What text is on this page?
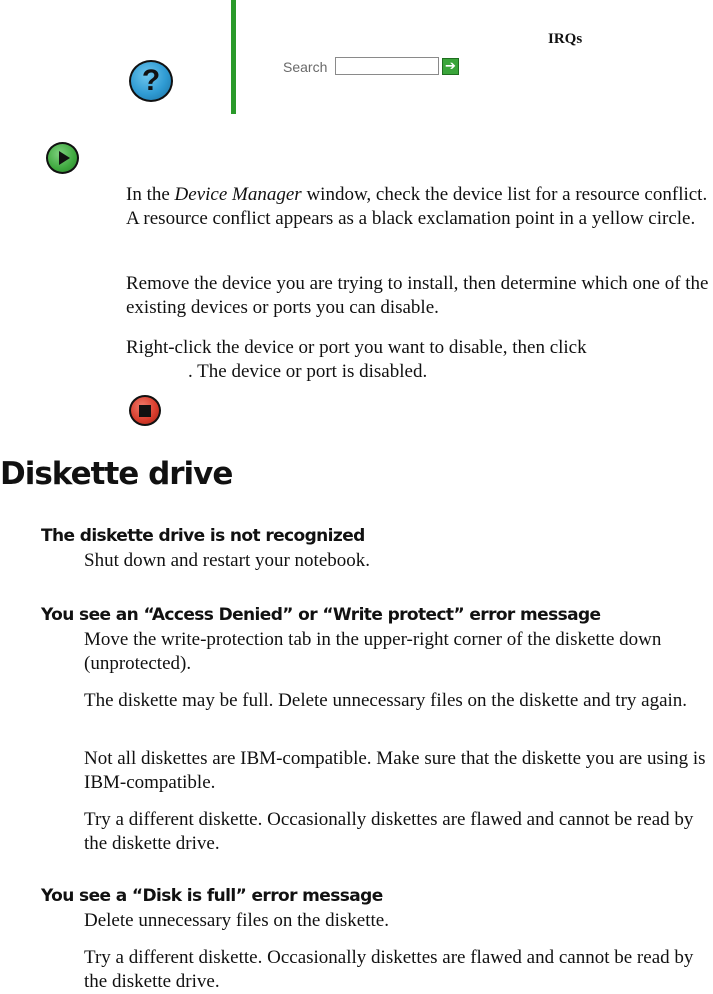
?	Search	➔
IRQs

In the Device Manager window, check the device list for a resource conflict. A resource conflict appears as a black exclamation point in a yellow circle.

Remove the device you are trying to install, then determine which one of the existing devices or ports you can disable.

Right-click the device or port you want to disable, then click
. The device or port is disabled.

Diskette drive
The diskette drive is not recognized

Shut down and restart your notebook.

You see an “Access Denied” or “Write protect” error message

Move the write-protection tab in the upper-right corner of the diskette down (unprotected).

The diskette may be full. Delete unnecessary files on the diskette and try again.

Not all diskettes are IBM-compatible. Make sure that the diskette you are using is IBM-compatible.

Try a different diskette. Occasionally diskettes are flawed and cannot be read by the diskette drive.

You see a “Disk is full” error message

Delete unnecessary files on the diskette.

Try a different diskette. Occasionally diskettes are flawed and cannot be read by the diskette drive.
